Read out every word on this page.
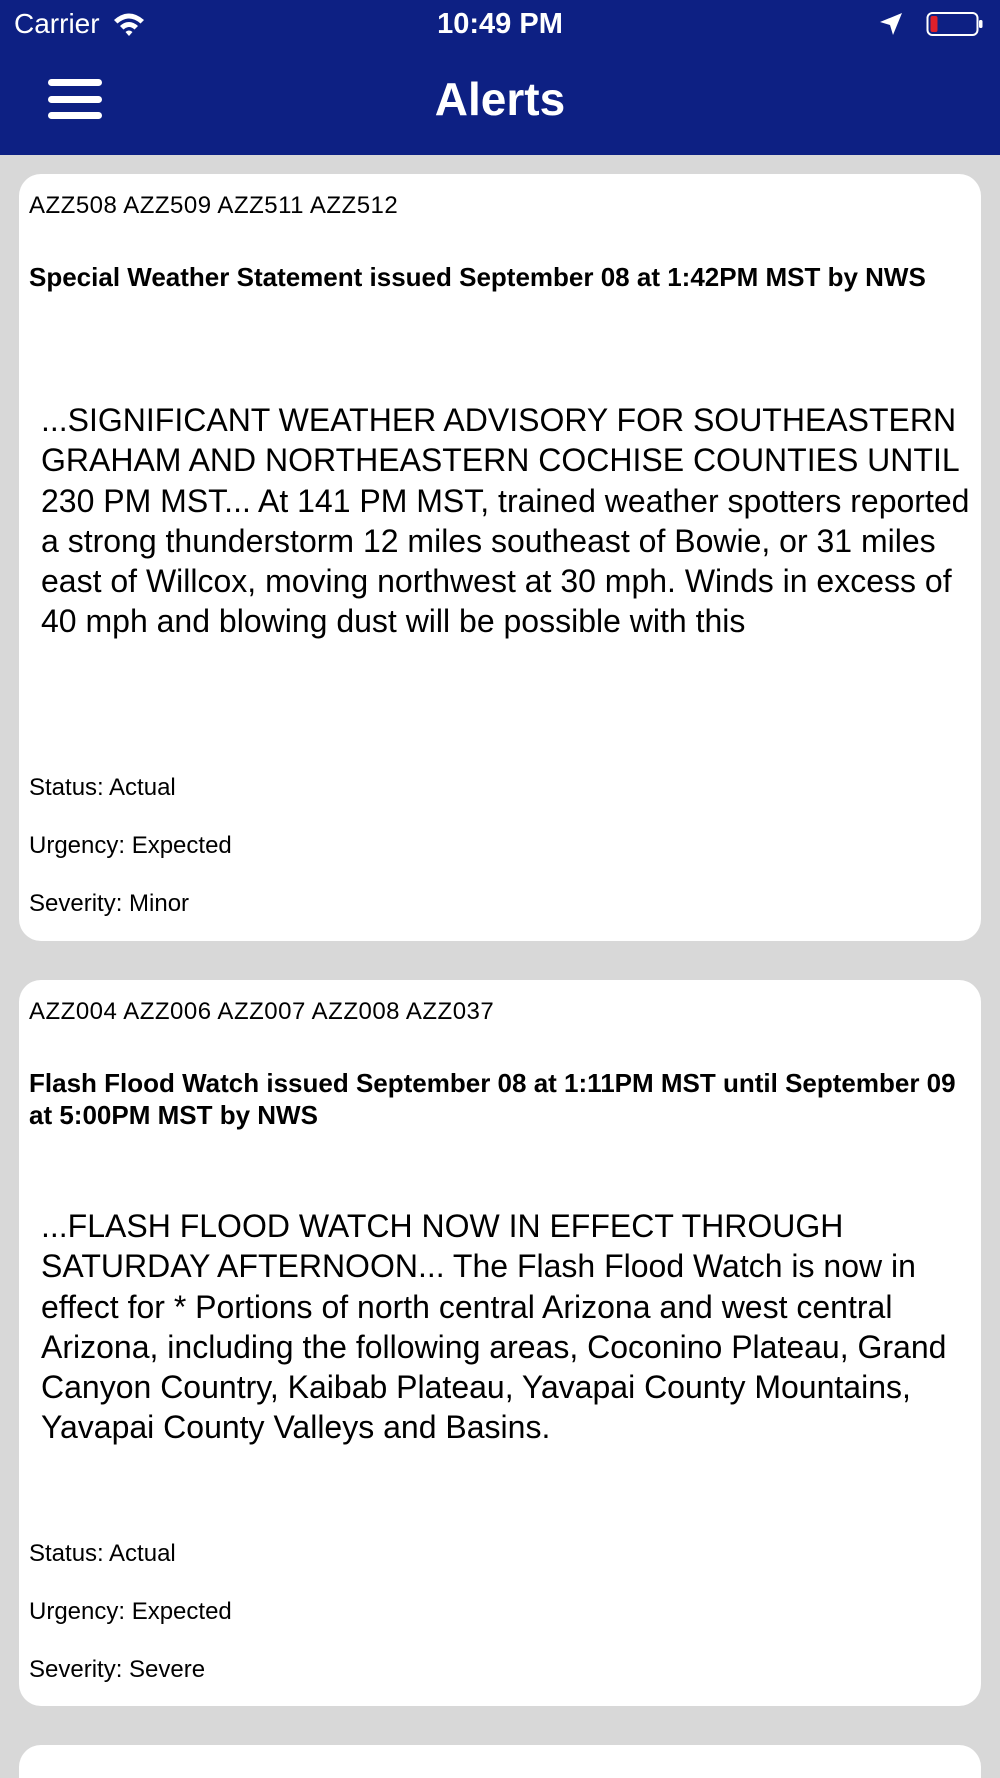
Carrier	10:49 PM
Alerts
AZZ508 AZZ509 AZZ511 AZZ512
Special Weather Statement issued September 08 at 1:42PM MST by NWS
...SIGNIFICANT WEATHER ADVISORY FOR SOUTHEASTERN GRAHAM AND NORTHEASTERN COCHISE COUNTIES UNTIL 230 PM MST... At 141 PM MST, trained weather spotters reported a strong thunderstorm 12 miles southeast of Bowie, or 31 miles east of Willcox, moving northwest at 30 mph. Winds in excess of 40 mph and blowing dust will be possible with this
Status: Actual
Urgency: Expected
Severity: Minor
AZZ004 AZZ006 AZZ007 AZZ008 AZZ037
Flash Flood Watch issued September 08 at 1:11PM MST until September 09 at 5:00PM MST by NWS
...FLASH FLOOD WATCH NOW IN EFFECT THROUGH SATURDAY AFTERNOON... The Flash Flood Watch is now in effect for * Portions of north central Arizona and west central Arizona, including the following areas, Coconino Plateau, Grand Canyon Country, Kaibab Plateau, Yavapai County Mountains, Yavapai County Valleys and Basins.
Status: Actual
Urgency: Expected
Severity: Severe
